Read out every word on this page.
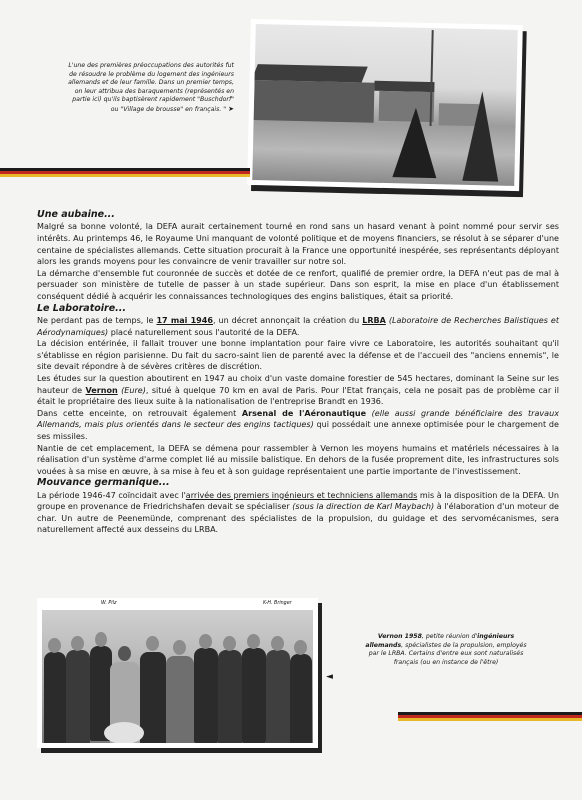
L'une des premières préoccupations des autorités fut de résoudre le problème du logement des ingénieurs allemands et de leur famille. Dans un premier temps, on leur attribua des baraquements (représentés en partie ici) qu'ils baptisèrent rapidement "Buschdorf" ou "Village de brousse" en français. " ➤
Une aubaine...

Malgré sa bonne volonté, la DEFA aurait certainement tourné en rond sans un hasard venant à point nommé pour servir ses intérêts. Au printemps 46, le Royaume Uni manquant de volonté politique et de moyens financiers, se résolut à se séparer d'une centaine de spécialistes allemands. Cette situation procurait à la France une opportunité inespérée, ses représentants déployant alors les grands moyens pour les convaincre de venir travailler sur notre sol.

La démarche d'ensemble fut couronnée de succès et dotée de ce renfort, qualifié de premier ordre, la DEFA n'eut pas de mal à persuader son ministère de tutelle de passer à un stade supérieur. Dans son esprit, la mise en place d'un établissement conséquent dédié à acquérir les connaissances technologiques des engins balistiques, était sa priorité.

Le Laboratoire...

Ne perdant pas de temps, le 17 mai 1946, un décret annonçait la création du LRBA (Laboratoire de Recherches Balistiques et Aérodynamiques) placé naturellement sous l'autorité de la DEFA.

La décision entérinée, il fallait trouver une bonne implantation pour faire vivre ce Laboratoire, les autorités souhaitant qu'il s'établisse en région parisienne. Du fait du sacro-saint lien de parenté avec la défense et de l'accueil des "anciens ennemis", le site devait répondre à de sévères critères de discrétion.

Les études sur la question aboutirent en 1947 au choix d'un vaste domaine forestier de 545 hectares, dominant la Seine sur les hauteur de Vernon (Eure), situé à quelque 70 km en aval de Paris. Pour l'Etat français, cela ne posait pas de problème car il était le propriétaire des lieux suite à la nationalisation de l'entreprise Brandt en 1936.

Dans cette enceinte, on retrouvait également Arsenal de l'Aéronautique (elle aussi grande bénéficiaire des travaux Allemands, mais plus orientés dans le secteur des engins tactiques) qui possédait une annexe optimisée pour le chargement de ses missiles.

Nantie de cet emplacement, la DEFA se démena pour rassembler à Vernon les moyens humains et matériels nécessaires à la réalisation d'un système d'arme complet lié au missile balistique. En dehors de la fusée proprement dite, les infrastructures sols vouées à sa mise en œuvre, à sa mise à feu et à son guidage représentaient une partie importante de l'investissement.

Mouvance germanique...

La période 1946-47 coïncidait avec l'arrivée des premiers ingénieurs et techniciens allemands mis à la disposition de la DEFA. Un groupe en provenance de Friedrichshafen devait se spécialiser (sous la direction de Karl Maybach) à l'élaboration d'un moteur de char. Un autre de Peenemünde, comprenant des spécialistes de la propulsion, du guidage et des servomécanismes, sera naturellement affecté aux desseins du LRBA.

W. Pilz	K-H. Bringer
Vernon 1958, petite réunion d'ingénieurs allemands, spécialistes de la propulsion, employés par le LRBA. Certains d'entre eux sont naturalisés français (ou en instance de l'être)
◄
